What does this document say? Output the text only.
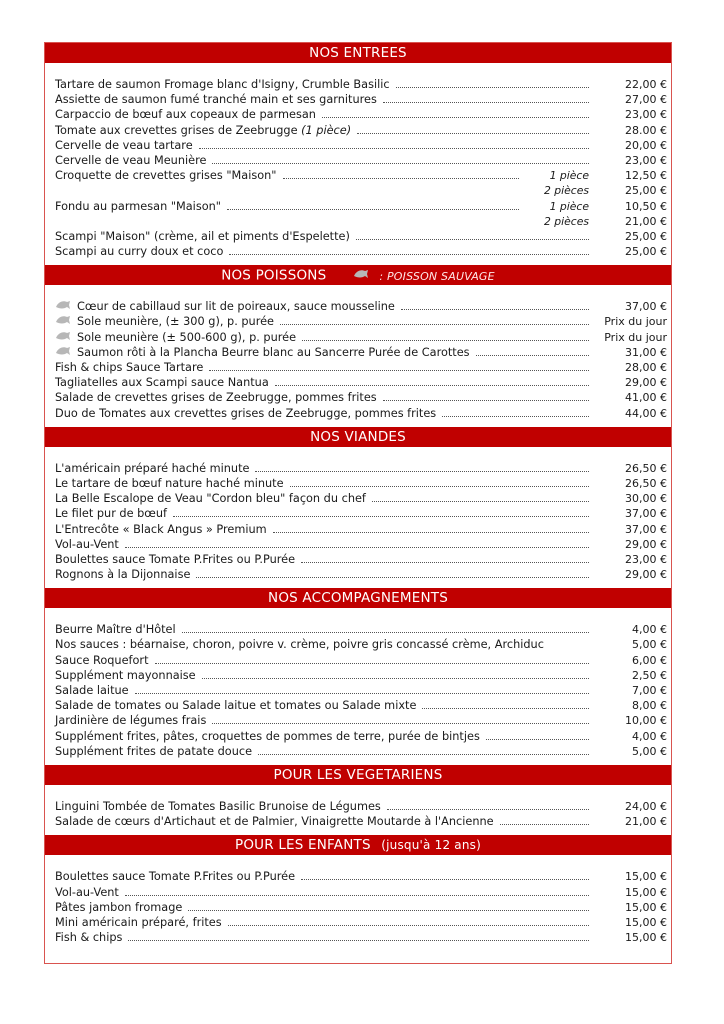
NOS ENTREES
Tartare de saumon Fromage blanc d'Isigny, Crumble Basilic	22,00 €
Assiette de saumon fumé tranché main et ses garnitures	27,00 €
Carpaccio de bœuf aux copeaux de parmesan	23,00 €
Tomate aux crevettes grises de Zeebrugge (1 pièce)	28.00 €
Cervelle de veau tartare	20,00 €
Cervelle de veau Meunière	23,00 €
Croquette de crevettes grises "Maison"	1 pièce	12,50 €
2 pièces	25,00 €
Fondu au parmesan "Maison"	1 pièce	10,50 €
2 pièces	21,00 €
Scampi "Maison" (crème, ail et piments d'Espelette)	25,00 €
Scampi au curry doux et coco	25,00 €
NOS POISSONS	: POISSON SAUVAGE
Cœur de cabillaud sur lit de poireaux, sauce mousseline	37,00 €
Sole meunière, (± 300 g), p. purée	Prix du jour
Sole meunière (± 500-600 g), p. purée	Prix du jour
Saumon rôti à la Plancha Beurre blanc au Sancerre Purée de Carottes	31,00 €
Fish & chips Sauce Tartare	28,00 €
Tagliatelles aux Scampi sauce Nantua	29,00 €
Salade de crevettes grises de Zeebrugge, pommes frites	41,00 €
Duo de Tomates aux crevettes grises de Zeebrugge, pommes frites	44,00 €
NOS VIANDES
L'américain préparé haché minute	26,50 €
Le tartare de bœuf nature haché minute	26,50 €
La Belle Escalope de Veau "Cordon bleu" façon du chef	30,00 €
Le filet pur de bœuf	37,00 €
L'Entrecôte « Black Angus » Premium	37,00 €
Vol-au-Vent	29,00 €
Boulettes sauce Tomate P.Frites ou P.Purée	23,00 €
Rognons à la Dijonnaise	29,00 €
NOS ACCOMPAGNEMENTS
Beurre Maître d'Hôtel	4,00 €
Nos sauces : béarnaise, choron, poivre v. crème, poivre gris concassé crème, Archiduc	5,00 €
Sauce Roquefort	6,00 €
Supplément mayonnaise	2,50 €
Salade laitue	7,00 €
Salade de tomates ou Salade laitue et tomates ou Salade mixte	8,00 €
Jardinière de légumes frais	10,00 €
Supplément frites, pâtes, croquettes de pommes de terre, purée de bintjes	4,00 €
Supplément frites de patate douce	5,00 €
POUR LES VEGETARIENS
Linguini Tombée de Tomates Basilic Brunoise de Légumes	24,00 €
Salade de cœurs d'Artichaut et de Palmier, Vinaigrette Moutarde à l'Ancienne	21,00 €
POUR LES ENFANTS (jusqu'à 12 ans)
Boulettes sauce Tomate P.Frites ou P.Purée	15,00 €
Vol-au-Vent	15,00 €
Pâtes jambon fromage	15,00 €
Mini américain préparé, frites	15,00 €
Fish & chips	15,00 €
